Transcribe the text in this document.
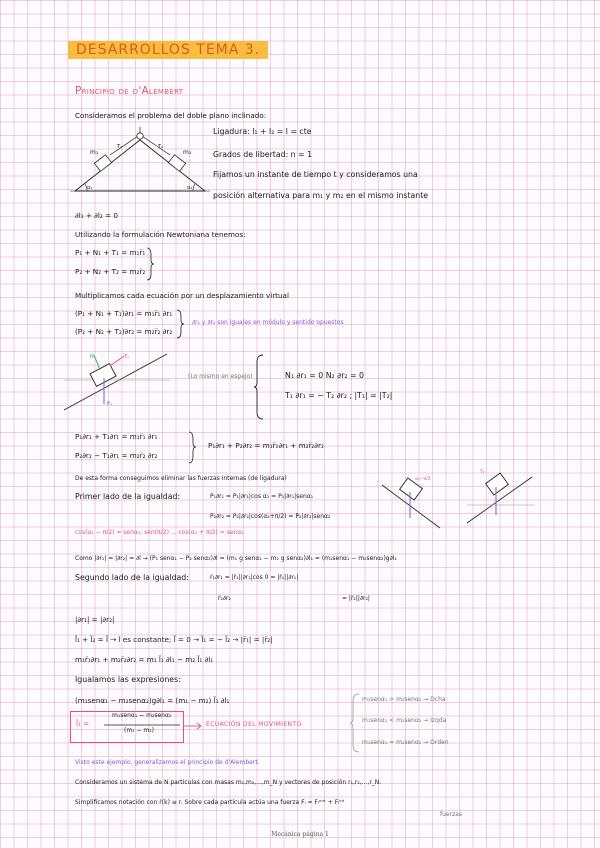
DESARROLLOS TEMA 3.
Principio de d'Alembert
Consideramos el problema del doble plano inclinado:
m₁	m₂
α₁	α₂
T₁	T₂
Ligadura: l₁ + l₂ = l = cte
Grados de libertad: n = 1
Fijamos un instante de tiempo t y consideramos una
posición alternativa para m₁ y m₂ en el mismo instante
∂l₁ + ∂l₂ = 0
Utilizando la formulación Newtoniana tenemos:
P₁ + N₁ + T₁ = m₁r̈₁
P₂ + N₂ + T₂ = m₂r̈₂
Multiplicamos cada ecuación por un desplazamiento virtual
(P₁ + N₁ + T₁)∂r₁ = m₁r̈₁ ∂r₁
(P₂ + N₂ + T₂)∂r₂ = m₂r̈₂ ∂r₂
∂r₁ y ∂r₂ son iguales en módulo y sentido opuestos
N₁	T₁
P₁
(Lo mismo en espejo)	N₁ ∂r₁ = 0 N₂ ∂r₂ = 0
T₁ ∂r₁ = − T₂ ∂r₂ ; |T₁| = |T₂|
P₁∂r₁ + T₁∂r₁ = m₁r̈₁ ∂r₁
P₂∂r₂ − T₁∂r₁ = m₂r̈₂ ∂r₂
P₁∂r₁ + P₂∂r₂ = m₁r̈₁∂r₁ + m₂r̈₂∂r₂
De esta forma conseguimos eliminar las fuerzas internas (de ligadura)
Primer lado de la igualdad:	P₁∂r₁ = P₁|∂r₁|cos α₁ = P₁|∂r₁|senα₁
P₂∂r₂ = P₂|∂r₂|cos(α₂+π/2) = P₂|∂r₂|senα₂
cos(α₁ − π/2) = senα₁; sen(π/2) ... cos(α₂ + π/2) = senα₂
α₁−π/2
T₂
Como |∂r₁| = |∂r₂| = ∂l → (P₁ senα₁ − P₂ senα₂)∂l = (m₁ g senα₁ − m₂ g senα₂)∂l₁ = (m₁senα₁ − m₂senα₂)g∂l₁
Segundo lado de la igualdad:	r̈₁∂r₁ = |r̈₁||∂r₁|cos 0 = |r̈₁||∂r₁|
r̈₂∂r₂	= |r̈₂||∂r₂|
|∂r₁| = |∂r₂|
l̈₁ + l̈₂ = l̈ → l es constante; l̈ = 0 → l̈₁ = − l̈₂ → |r̈₁| = |r̈₂|
m₁r̈₁∂r₁ + m₂r̈₂∂r₂ = m₁ l̈₁ ∂l₁ − m₂ l̈₁ ∂l₁
Igualamos las expresiones:
(m₁senα₁ − m₂senα₂)g∂l₁ = (m₁ − m₂) l̈₁ ∂l₁
l̈₁ =
m₁senα₁ − m₂senα₂
(m₁ − m₂)
ECUACIÓN DEL MOVIMIENTO
m₁senα₁ > m₂senα₂ → Dcha
m₁senα₁ < m₂senα₂ → Izqda
m₁senα₁ = m₂senα₂ → Orden
Visto este ejemplo, generalizamos el principio de d'Alembert.
Consideramos un sistema de N partículas con masas m₁,m₂,...,m_N y vectores de posición r₁,r₂,...,r_N.
Simplificamos notación con ṙ(k) ≡ r. Sobre cada partícula actúa una fuerza Fᵢ = Fᵢᵉˣᵗ + Fᵢⁱⁿᵗ
fuerzas
Mecánica página 1
